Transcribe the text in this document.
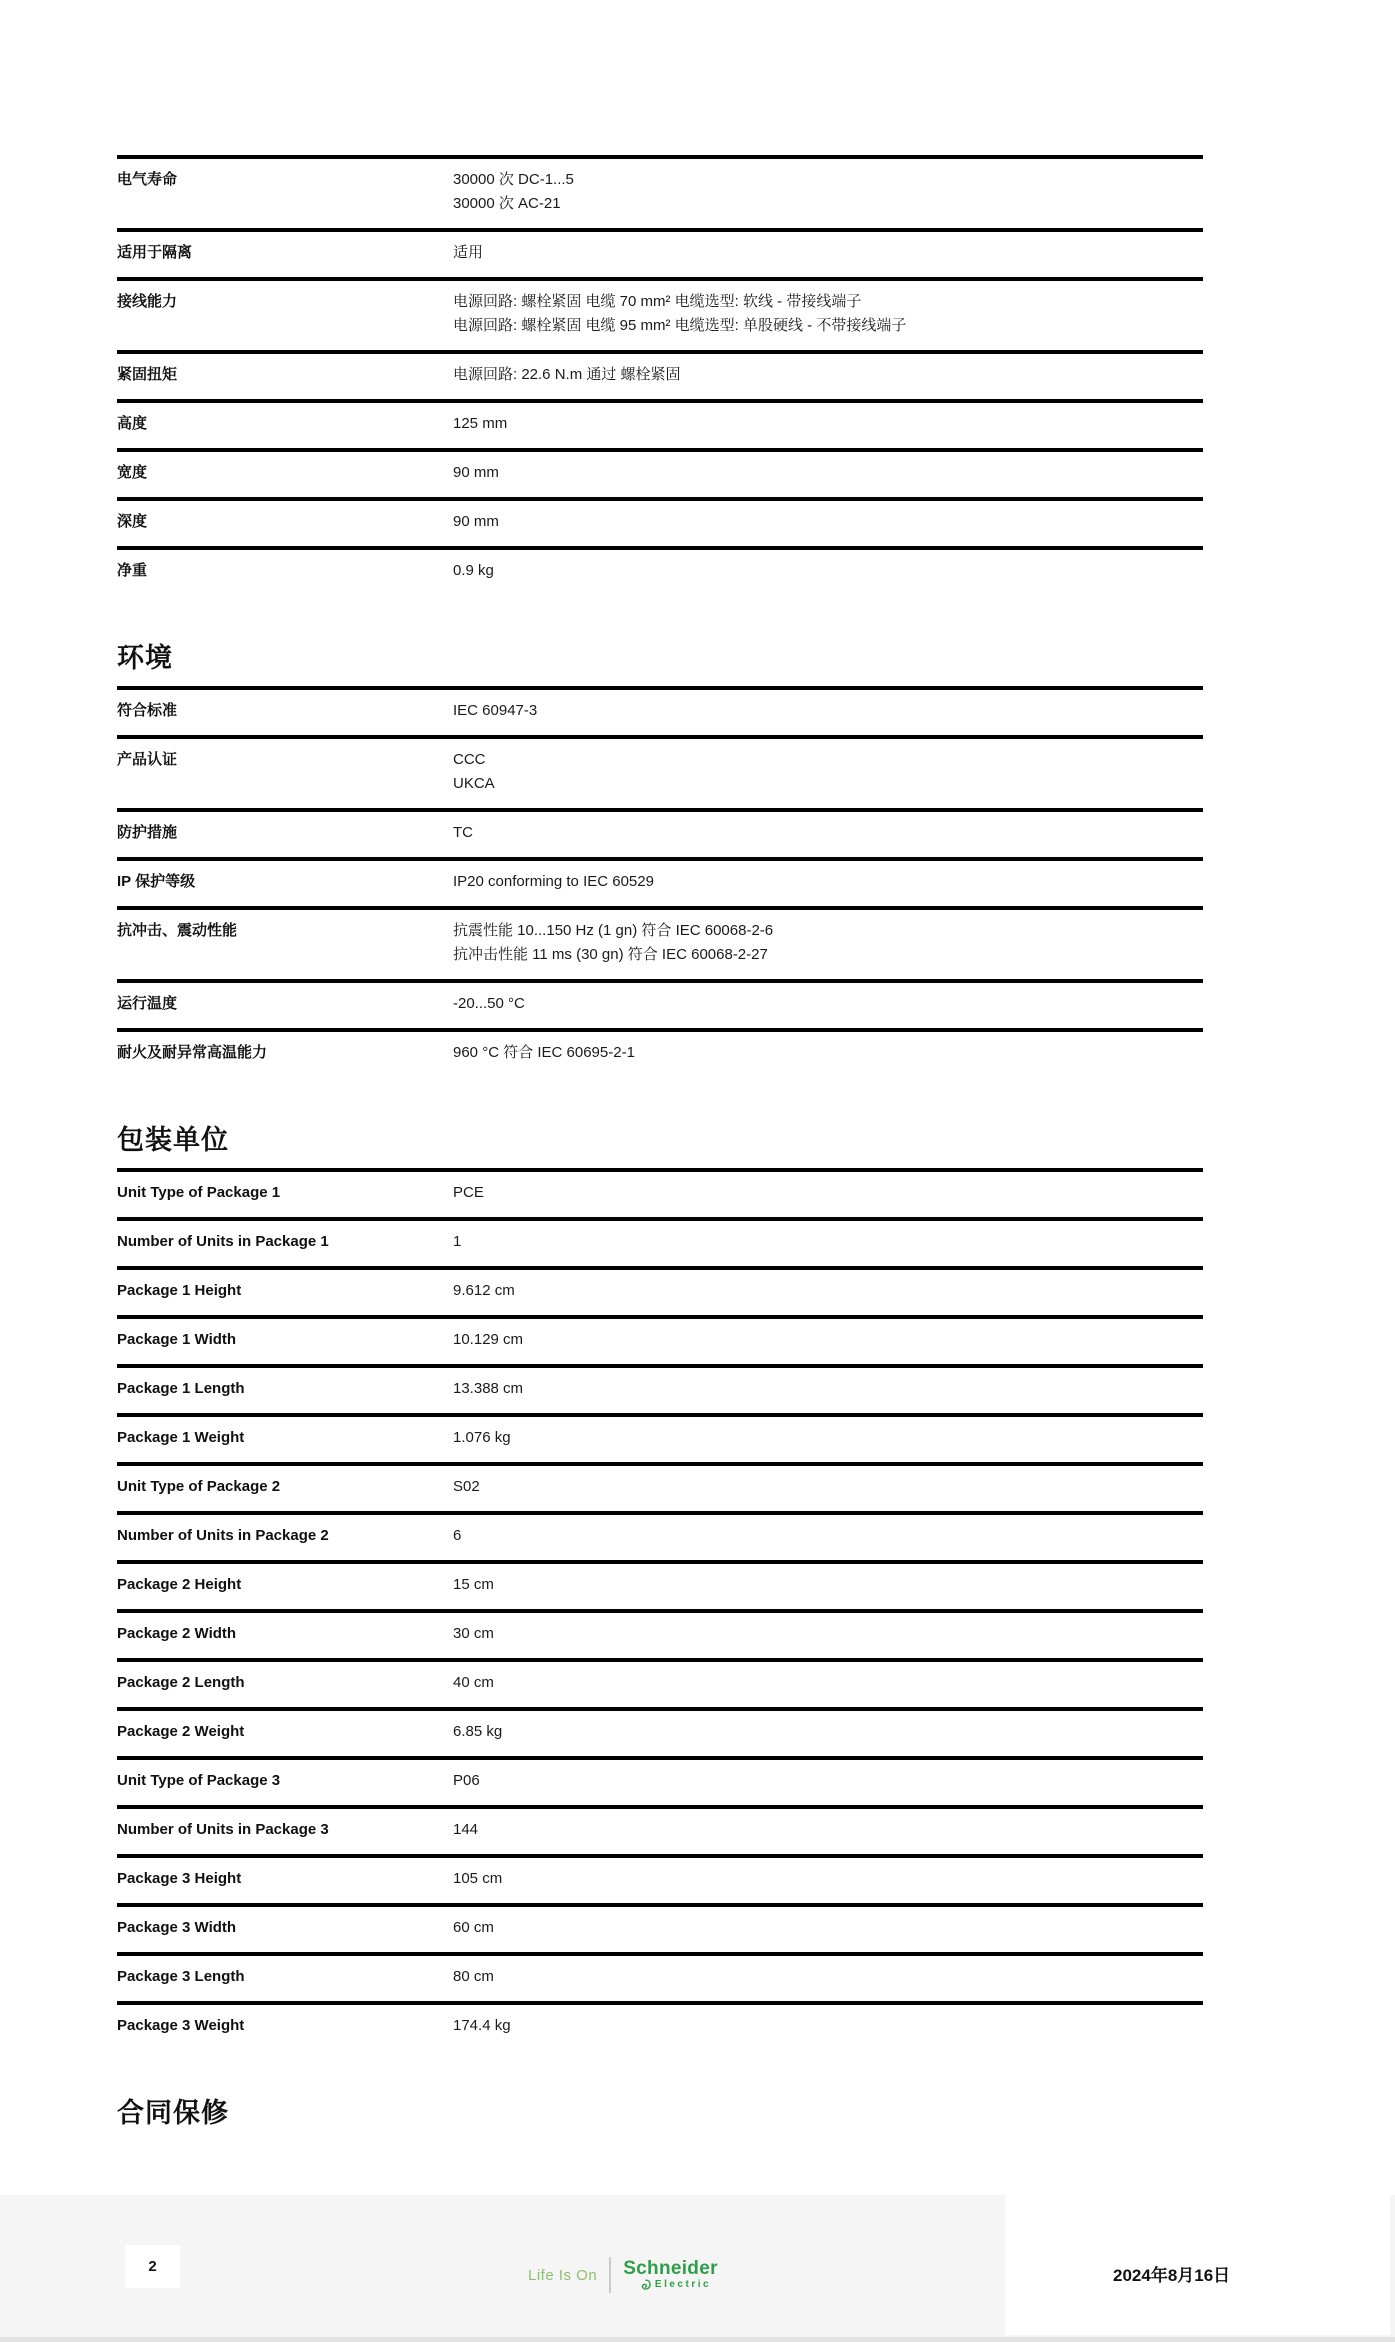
电气寿命	30000 次 DC-1...5
30000 次 AC-21
适用于隔离	适用
接线能力	电源回路: 螺栓紧固 电缆 70 mm² 电缆选型: 软线 - 带接线端子
电源回路: 螺栓紧固 电缆 95 mm² 电缆选型: 单股硬线 - 不带接线端子
紧固扭矩	电源回路: 22.6 N.m 通过 螺栓紧固
高度	125 mm
宽度	90 mm
深度	90 mm
净重	0.9 kg
环境
符合标准	IEC 60947-3
产品认证	CCC
UKCA
防护措施	TC
IP 保护等级	IP20 conforming to IEC 60529
抗冲击、震动性能	抗震性能 10...150 Hz (1 gn) 符合 IEC 60068-2-6
抗冲击性能 11 ms (30 gn) 符合 IEC 60068-2-27
运行温度	-20...50 °C
耐火及耐异常高温能力	960 °C 符合 IEC 60695-2-1
包装单位
Unit Type of Package 1	PCE
Number of Units in Package 1	1
Package 1 Height	9.612 cm
Package 1 Width	10.129 cm
Package 1 Length	13.388 cm
Package 1 Weight	1.076 kg
Unit Type of Package 2	S02
Number of Units in Package 2	6
Package 2 Height	15 cm
Package 2 Width	30 cm
Package 2 Length	40 cm
Package 2 Weight	6.85 kg
Unit Type of Package 3	P06
Number of Units in Package 3	144
Package 3 Height	105 cm
Package 3 Width	60 cm
Package 3 Length	80 cm
Package 3 Weight	174.4 kg
合同保修
2	Life Is On Schneider
Electric	2024年8月16日
